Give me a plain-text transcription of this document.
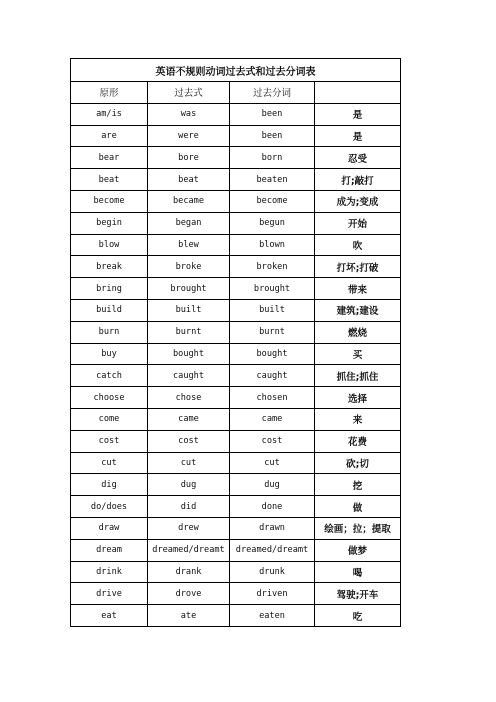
英语不规则动词过去式和过去分词表			
原形	过去式	过去分词	
am/is	was	been	是
are	were	been	是
bear	bore	born	忍受
beat	beat	beaten	打;敲打
become	became	become	成为;变成
begin	began	begun	开始
blow	blew	blown	吹
break	broke	broken	打坏;打破
bring	brought	brought	带来
build	built	built	建筑;建设
burn	burnt	burnt	燃烧
buy	bought	bought	买
catch	caught	caught	抓住;抓住
choose	chose	chosen	选择
come	came	came	来
cost	cost	cost	花费
cut	cut	cut	砍;切
dig	dug	dug	挖
do/does	did	done	做
draw	drew	drawn	绘画；拉；提取
dream	dreamed/dreamt	dreamed/dreamt	做梦
drink	drank	drunk	喝
drive	drove	driven	驾驶;开车
eat	ate	eaten	吃
